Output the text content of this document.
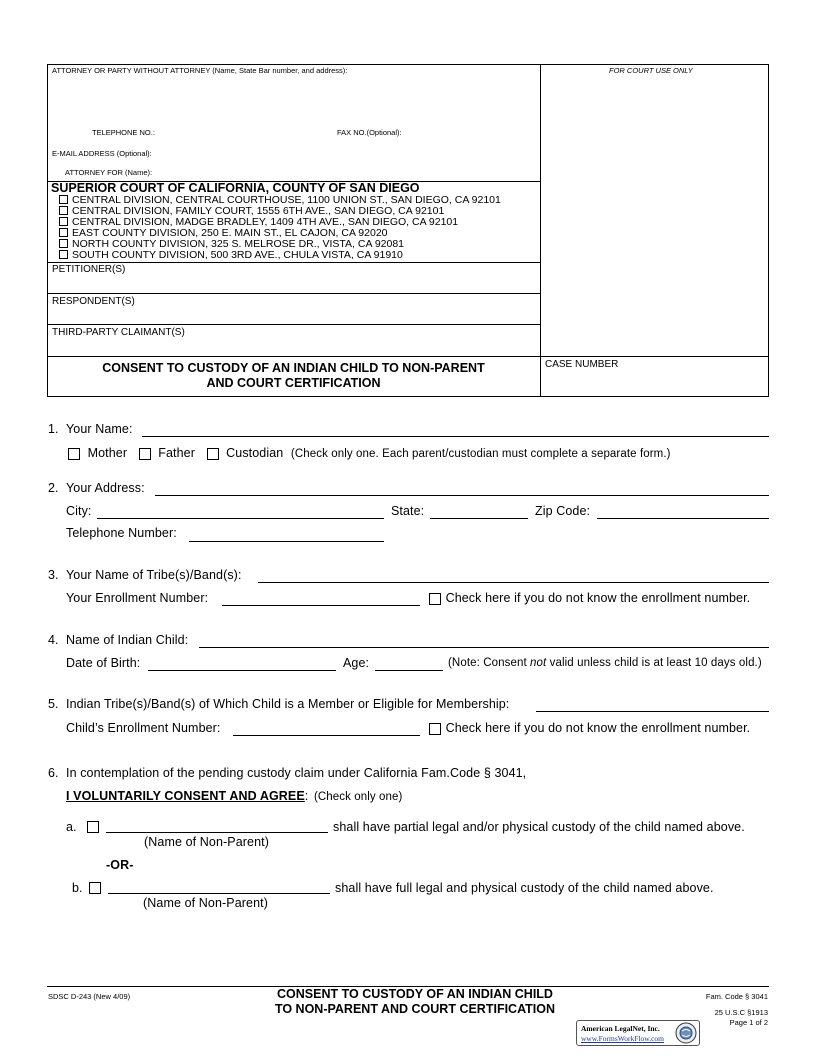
ATTORNEY OR PARTY WITHOUT ATTORNEY (Name, State Bar number, and address):	FOR COURT USE ONLY
TELEPHONE NO.:	FAX NO.(Optional):
E-MAIL ADDRESS (Optional):
ATTORNEY FOR (Name):
SUPERIOR COURT OF CALIFORNIA, COUNTY OF SAN DIEGO
CENTRAL DIVISION, CENTRAL COURTHOUSE, 1100 UNION ST., SAN DIEGO, CA 92101
CENTRAL DIVISION, FAMILY COURT, 1555 6TH AVE., SAN DIEGO, CA 92101
CENTRAL DIVISION, MADGE BRADLEY, 1409 4TH AVE., SAN DIEGO, CA 92101
EAST COUNTY DIVISION, 250 E. MAIN ST., EL CAJON, CA 92020
NORTH COUNTY DIVISION, 325 S. MELROSE DR., VISTA, CA 92081
SOUTH COUNTY DIVISION, 500 3RD AVE., CHULA VISTA, CA 91910
PETITIONER(S)
RESPONDENT(S)
THIRD-PARTY CLAIMANT(S)
CONSENT TO CUSTODY OF AN INDIAN CHILD TO NON-PARENT
AND COURT CERTIFICATION
CASE NUMBER
1. Your Name:
Mother Father Custodian (Check only one. Each parent/custodian must complete a separate form.)
2. Your Address:
City:	State:	Zip Code:
Telephone Number:
3. Your Name of Tribe(s)/Band(s):
Your Enrollment Number:	Check here if you do not know the enrollment number.
4. Name of Indian Child:
Date of Birth:	Age:	(Note: Consent not valid unless child is at least 10 days old.)
5. Indian Tribe(s)/Band(s) of Which Child is a Member or Eligible for Membership:
Child’s Enrollment Number:	Check here if you do not know the enrollment number.
6. In contemplation of the pending custody claim under California Fam.Code § 3041,
I VOLUNTARILY CONSENT AND AGREE: (Check only one)
a.	shall have partial legal and/or physical custody of the child named above.
(Name of Non-Parent)
-OR-
b.	shall have full legal and physical custody of the child named above.
(Name of Non-Parent)
SDSC D-243 (New 4/09)	CONSENT TO CUSTODY OF AN INDIAN CHILD
TO NON-PARENT AND COURT CERTIFICATION
Fam. Code § 3041
25 U.S.C §1913
Page 1 of 2
American LegalNet, Inc.
www.FormsWorkFlow.com
